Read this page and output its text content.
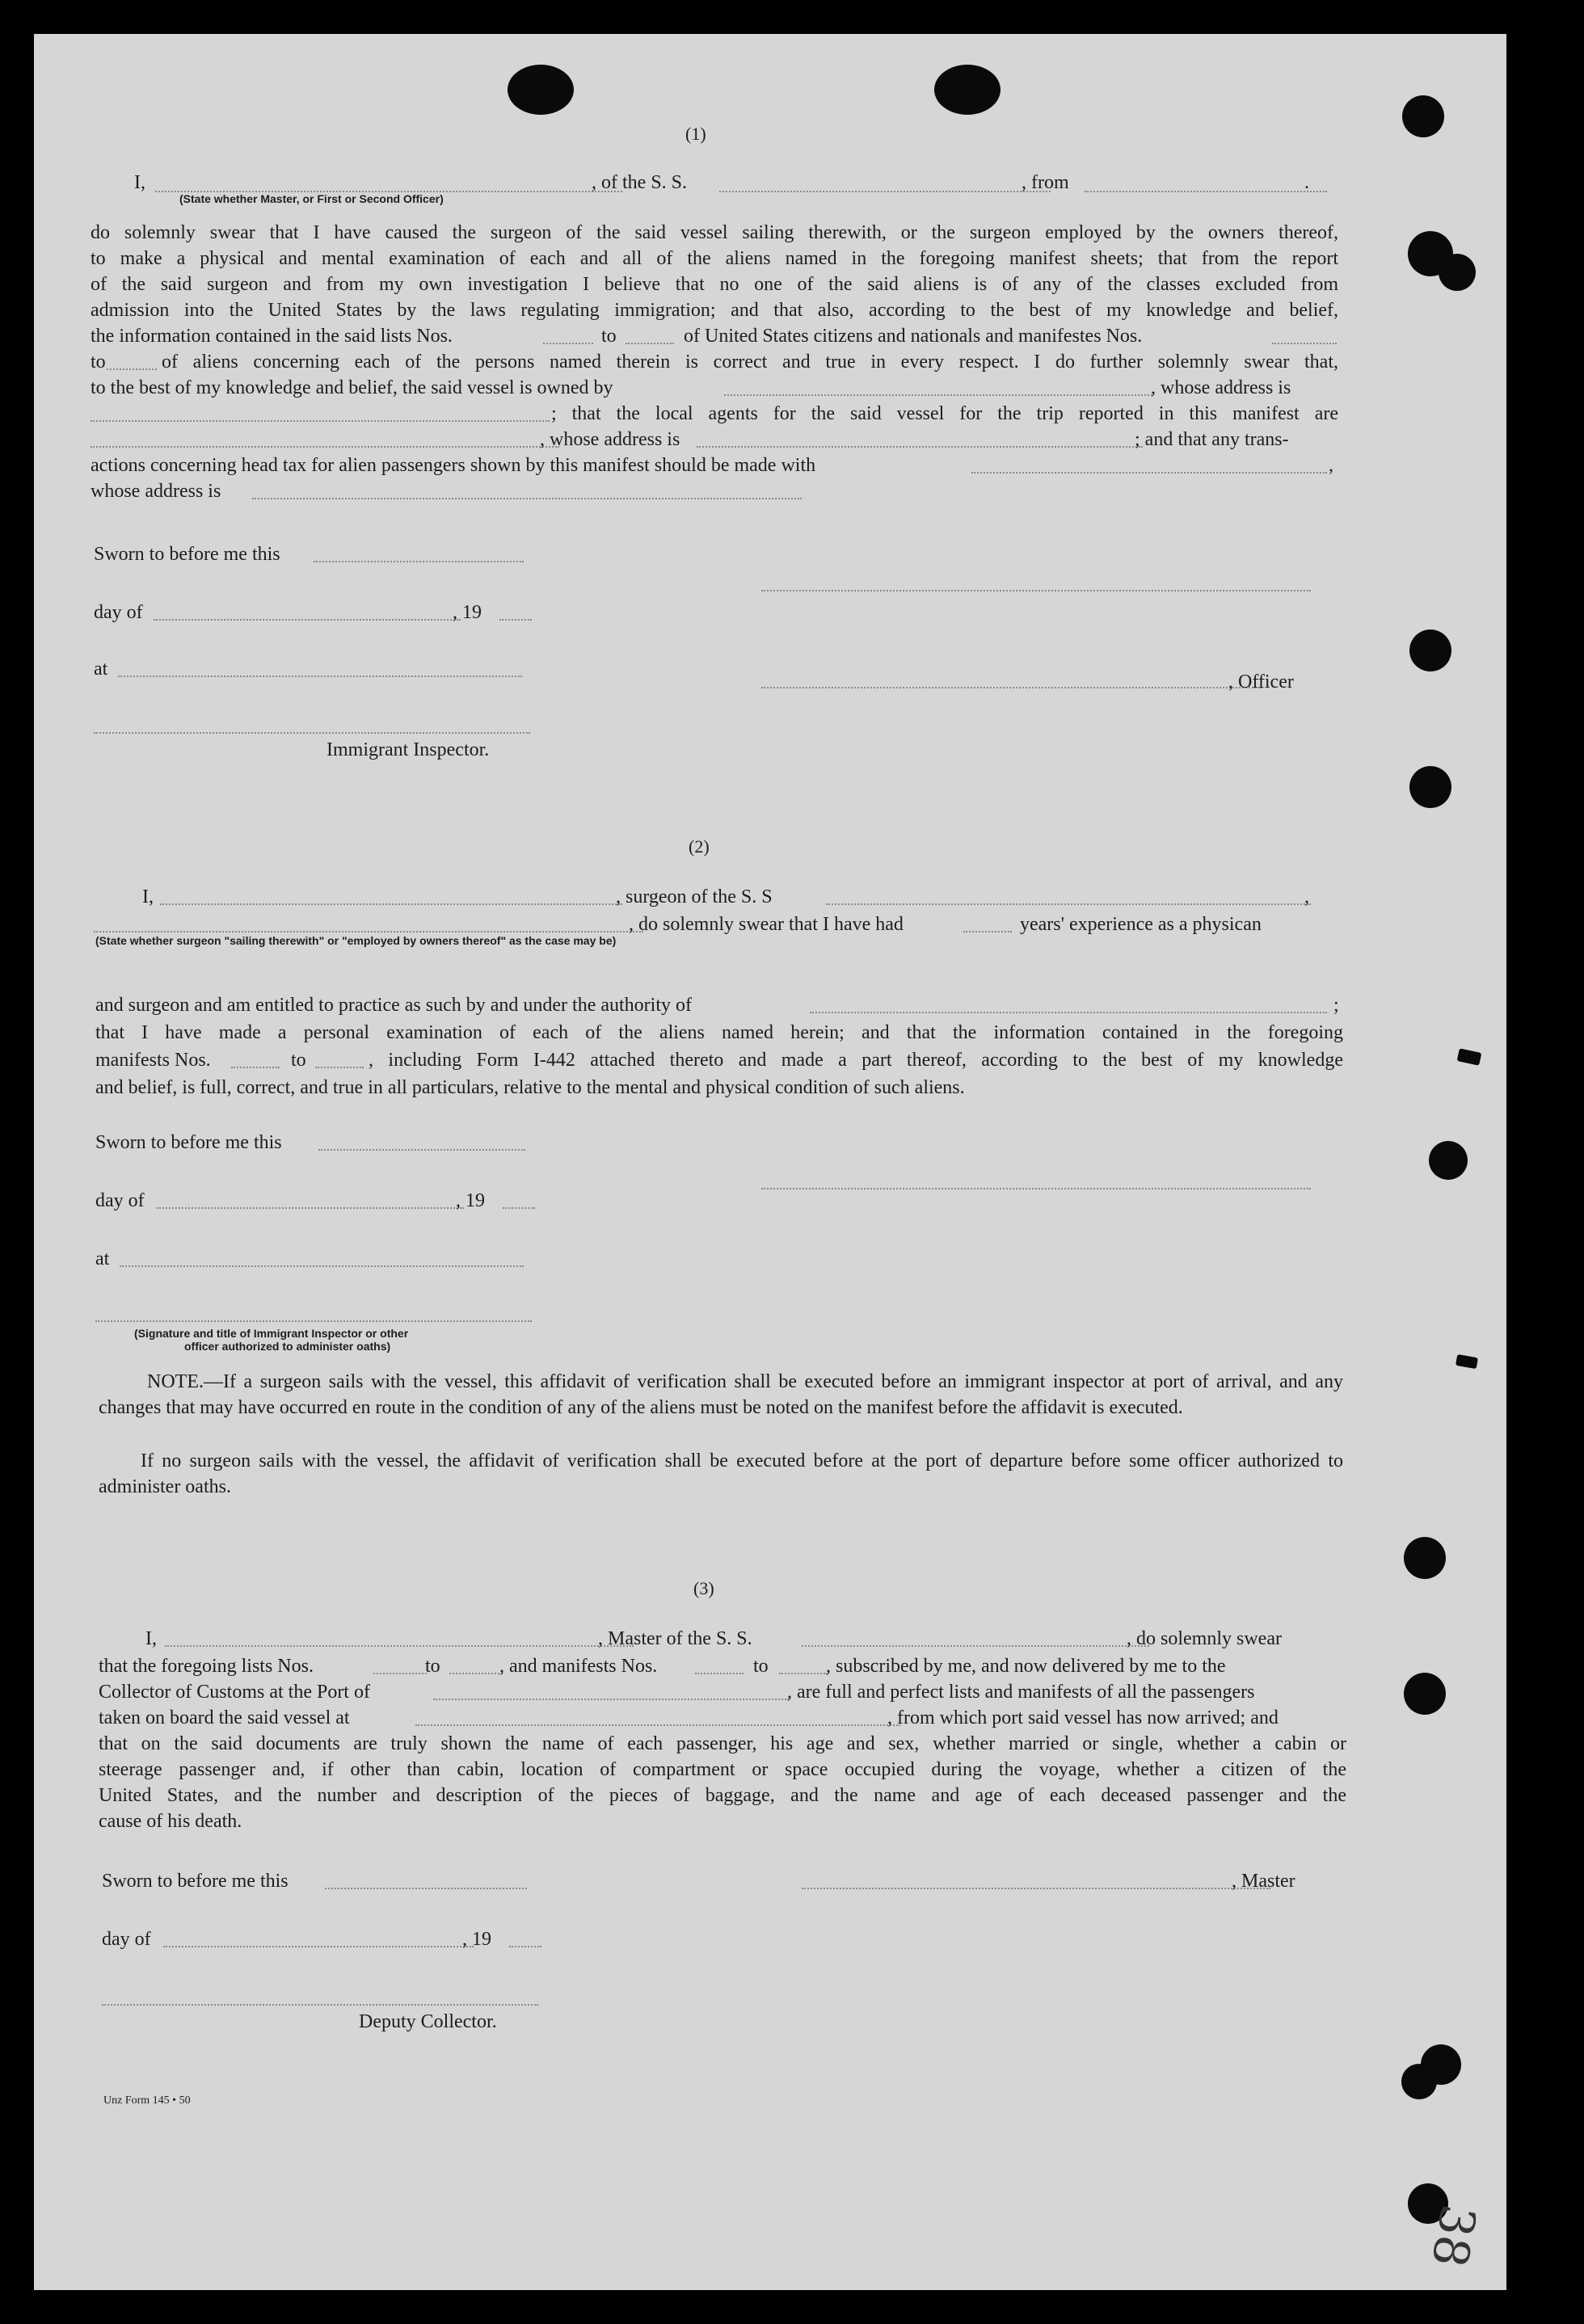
38
(1)
I,	, of the S. S.	, from	.
(State whether Master, or First or Second Officer)
do solemnly swear that I have caused the surgeon of the said vessel sailing therewith, or the surgeon employed by the owners thereof,
to make a physical and mental examination of each and all of the aliens named in the foregoing manifest sheets; that from the report
of the said surgeon and from my own investigation I believe that no one of the said aliens is of any of the classes excluded from
admission into the United States by the laws regulating immigration; and that also, according to the best of my knowledge and belief,
the information contained in the said lists Nos.	to	of United States citizens and nationals and manifestes Nos.
to	of aliens concerning each of the persons named therein is correct and true in every respect. I do further solemnly swear that,
to the best of my knowledge and belief, the said vessel is owned by	, whose address is
; that the local agents for the said vessel for the trip reported in this manifest are
, whose address is	; and that any trans-
actions concerning head tax for alien passengers shown by this manifest should be made with	,
whose address is
Sworn to before me this
day of	, 19
at
, Officer
Immigrant Inspector.
(2)
I,	, surgeon of the S. S	,
, do solemnly swear that I have had	years' experience as a physican
(State whether surgeon "sailing therewith" or "employed by owners thereof" as the case may be)
and surgeon and am entitled to practice as such by and under the authority of	;
that I have made a personal examination of each of the aliens named herein; and that the information contained in the foregoing
manifests Nos.	to	, including Form I-442 attached thereto and made a part thereof, according to the best of my knowledge
and belief, is full, correct, and true in all particulars, relative to the mental and physical condition of such aliens.
Sworn to before me this
day of	, 19
at
(Signature and title of Immigrant Inspector or other
officer authorized to administer oaths)
NOTE.—If a surgeon sails with the vessel, this affidavit of verification shall be executed before an immigrant inspector at port of arrival, and any changes that may have occurred en route in the condition of any of the aliens must be noted on the manifest before the affidavit is executed.
If no surgeon sails with the vessel, the affidavit of verification shall be executed before at the port of departure before some officer authorized to administer oaths.
(3)
I,	, Master of the S. S.	, do solemnly swear
that the foregoing lists Nos.	to	, and manifests Nos.	to	, subscribed by me, and now delivered by me to the
Collector of Customs at the Port of	, are full and perfect lists and manifests of all the passengers
taken on board the said vessel at	, from which port said vessel has now arrived; and
that on the said documents are truly shown the name of each passenger, his age and sex, whether married or single, whether a cabin or
steerage passenger and, if other than cabin, location of compartment or space occupied during the voyage, whether a citizen of the
United States, and the number and description of the pieces of baggage, and the name and age of each deceased passenger and the
cause of his death.
Sworn to before me this	, Master
day of	, 19
Deputy Collector.
Unz Form 145 • 50
